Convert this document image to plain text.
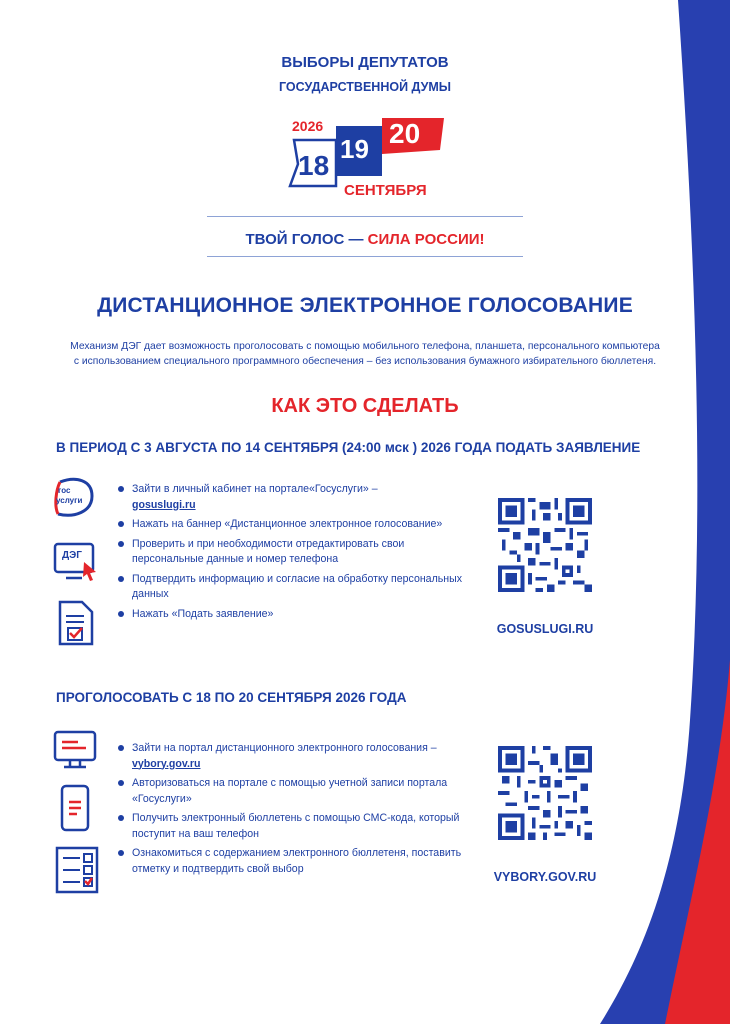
ВЫБОРЫ ДЕПУТАТОВ
ГОСУДАРСТВЕННОЙ ДУМЫ
2026
18
19 20
СЕНТЯБРЯ
ТВОЙ ГОЛОС — СИЛА РОССИИ!
ДИСТАНЦИОННОЕ ЭЛЕКТРОННОЕ ГОЛОСОВАНИЕ
Механизм ДЭГ дает возможность проголосовать с помощью мобильного телефона, планшета, персонального компьютера
с использованием специального программного обеспечения – без использования бумажного избирательного бюллетеня.
КАК ЭТО СДЕЛАТЬ
В ПЕРИОД С 3 АВГУСТА ПО 14 СЕНТЯБРЯ (24:00 мск ) 2026 ГОДА ПОДАТЬ ЗАЯВЛЕНИЕ
гос
услуги
ДЭГ
Зайти в личный кабинет на портале«Госуслуги» –
gosuslugi.ru
Нажать на баннер «Дистанционное электронное голосование»
Проверить и при необходимости отредактировать свои персональные данные и номер телефона
Подтвердить информацию и согласие на обработку персональных данных
Нажать «Подать заявление»
GOSUSLUGI.RU
ПРОГОЛОСОВАТЬ С 18 ПО 20 СЕНТЯБРЯ 2026 ГОДА
Зайти на портал дистанционного электронного голосования –
vybory.gov.ru
Авторизоваться на портале с помощью учетной записи портала «Госуслуги»
Получить электронный бюллетень с помощью СМС-кода, который поступит на ваш телефон
Ознакомиться с содержанием электронного бюллетеня, поставить отметку и подтвердить свой выбор
VYBORY.GOV.RU
